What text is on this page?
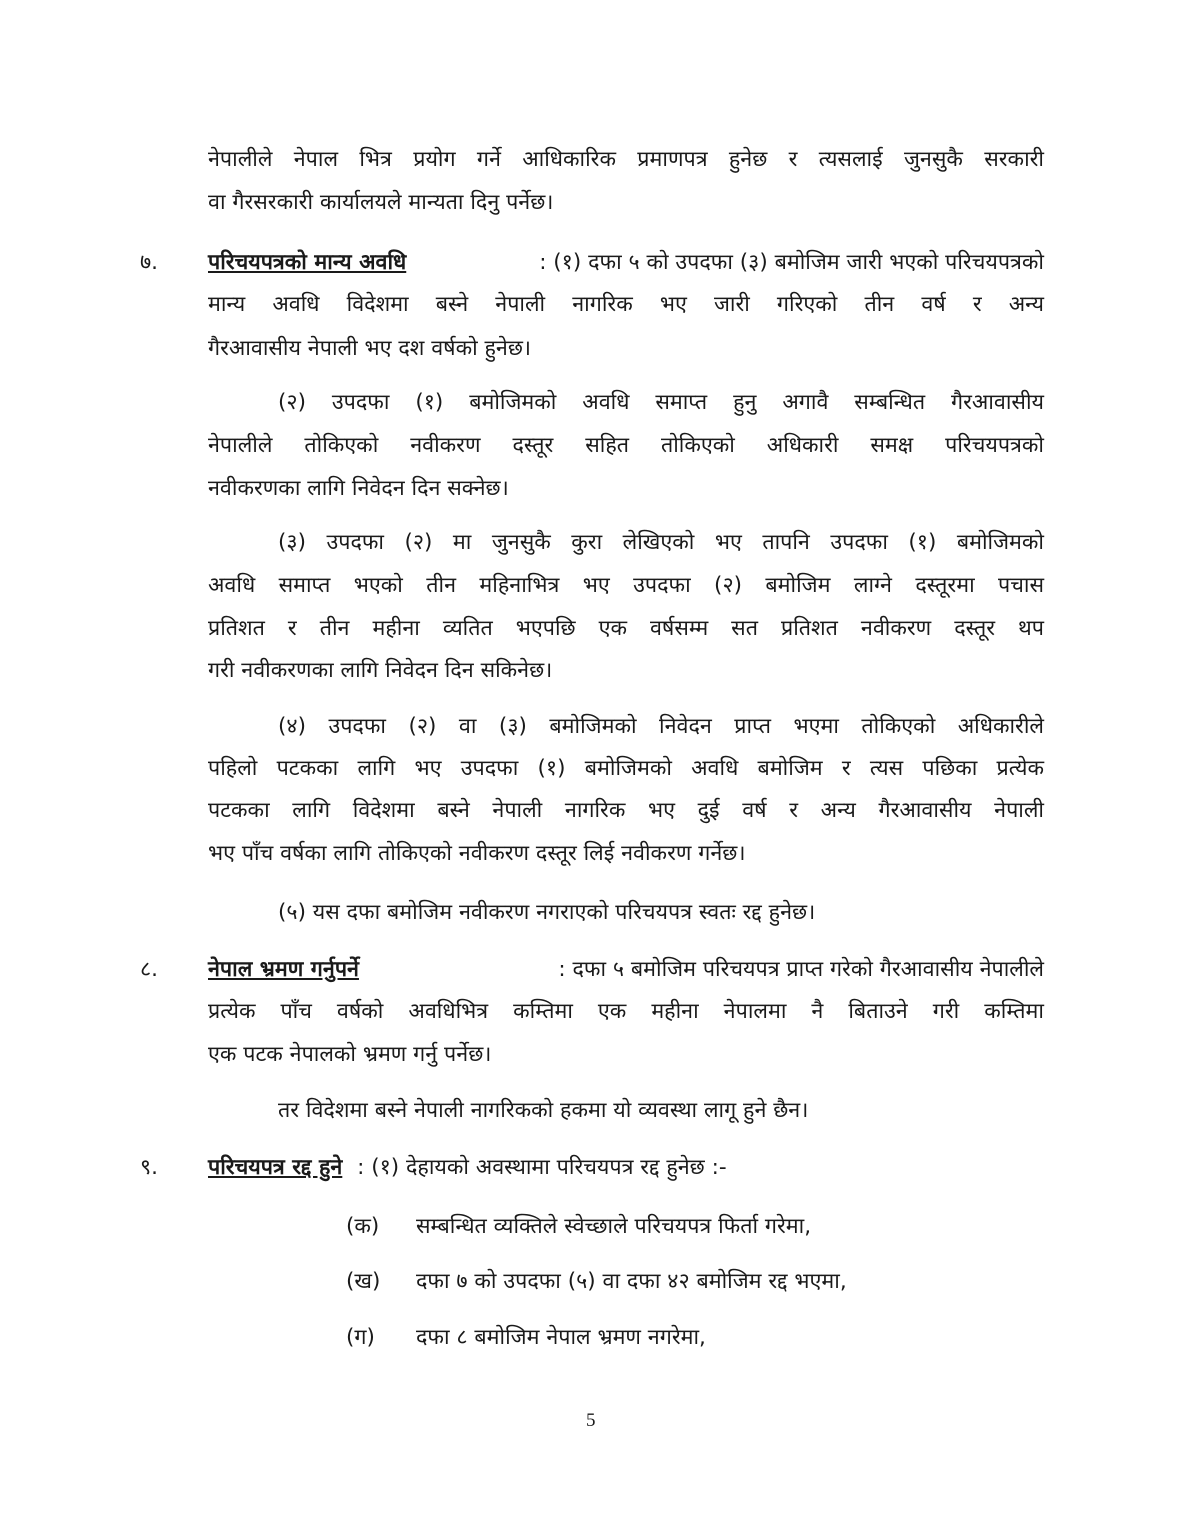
नेपालीले नेपाल भित्र प्रयोग गर्ने आधिकारिक प्रमाणपत्र हुनेछ र त्यसलाई जुनसुकै सरकारी
वा गैरसरकारी कार्यालयले मान्यता दिनु पर्नेछ।
७. परिचयपत्रको मान्य अवधि	: (१) दफा ५ को उपदफा (३) बमोजिम जारी भएको परिचयपत्रको
मान्य अवधि विदेशमा बस्ने नेपाली नागरिक भए जारी गरिएको तीन वर्ष र अन्य
गैरआवासीय नेपाली भए दश वर्षको हुनेछ।
(२) उपदफा (१) बमोजिमको अवधि समाप्त हुनु अगावै सम्बन्धित गैरआवासीय
नेपालीले तोकिएको नवीकरण दस्तूर सहित तोकिएको अधिकारी समक्ष परिचयपत्रको
नवीकरणका लागि निवेदन दिन सक्नेछ।
(३) उपदफा (२) मा जुनसुकै कुरा लेखिएको भए तापनि उपदफा (१) बमोजिमको
अवधि समाप्त भएको तीन महिनाभित्र भए उपदफा (२) बमोजिम लाग्ने दस्तूरमा पचास
प्रतिशत र तीन महीना व्यतित भएपछि एक वर्षसम्म सत प्रतिशत नवीकरण दस्तूर थप
गरी नवीकरणका लागि निवेदन दिन सकिनेछ।
(४) उपदफा (२) वा (३) बमोजिमको निवेदन प्राप्त भएमा तोकिएको अधिकारीले
पहिलो पटकका लागि भए उपदफा (१) बमोजिमको अवधि बमोजिम र त्यस पछिका प्रत्येक
पटकका लागि विदेशमा बस्ने नेपाली नागरिक भए दुई वर्ष र अन्य गैरआवासीय नेपाली
भए पाँच वर्षका लागि तोकिएको नवीकरण दस्तूर लिई नवीकरण गर्नेछ।
(५) यस दफा बमोजिम नवीकरण नगराएको परिचयपत्र स्वतः रद्द हुनेछ।
८. नेपाल भ्रमण गर्नुपर्ने	: दफा ५ बमोजिम परिचयपत्र प्राप्त गरेको गैरआवासीय नेपालीले
प्रत्येक पाँच वर्षको अवधिभित्र कम्तिमा एक महीना नेपालमा नै बिताउने गरी कम्तिमा
एक पटक नेपालको भ्रमण गर्नु पर्नेछ।
तर विदेशमा बस्ने नेपाली नागरिकको हकमा यो व्यवस्था लागू हुने छैन।
९. परिचयपत्र रद्द हुने : (१) देहायको अवस्थामा परिचयपत्र रद्द हुनेछ :-
(क) सम्बन्धित व्यक्तिले स्वेच्छाले परिचयपत्र फिर्ता गरेमा,
(ख) दफा ७ को उपदफा (५) वा दफा ४२ बमोजिम रद्द भएमा,
(ग) दफा ८ बमोजिम नेपाल भ्रमण नगरेमा,
5
